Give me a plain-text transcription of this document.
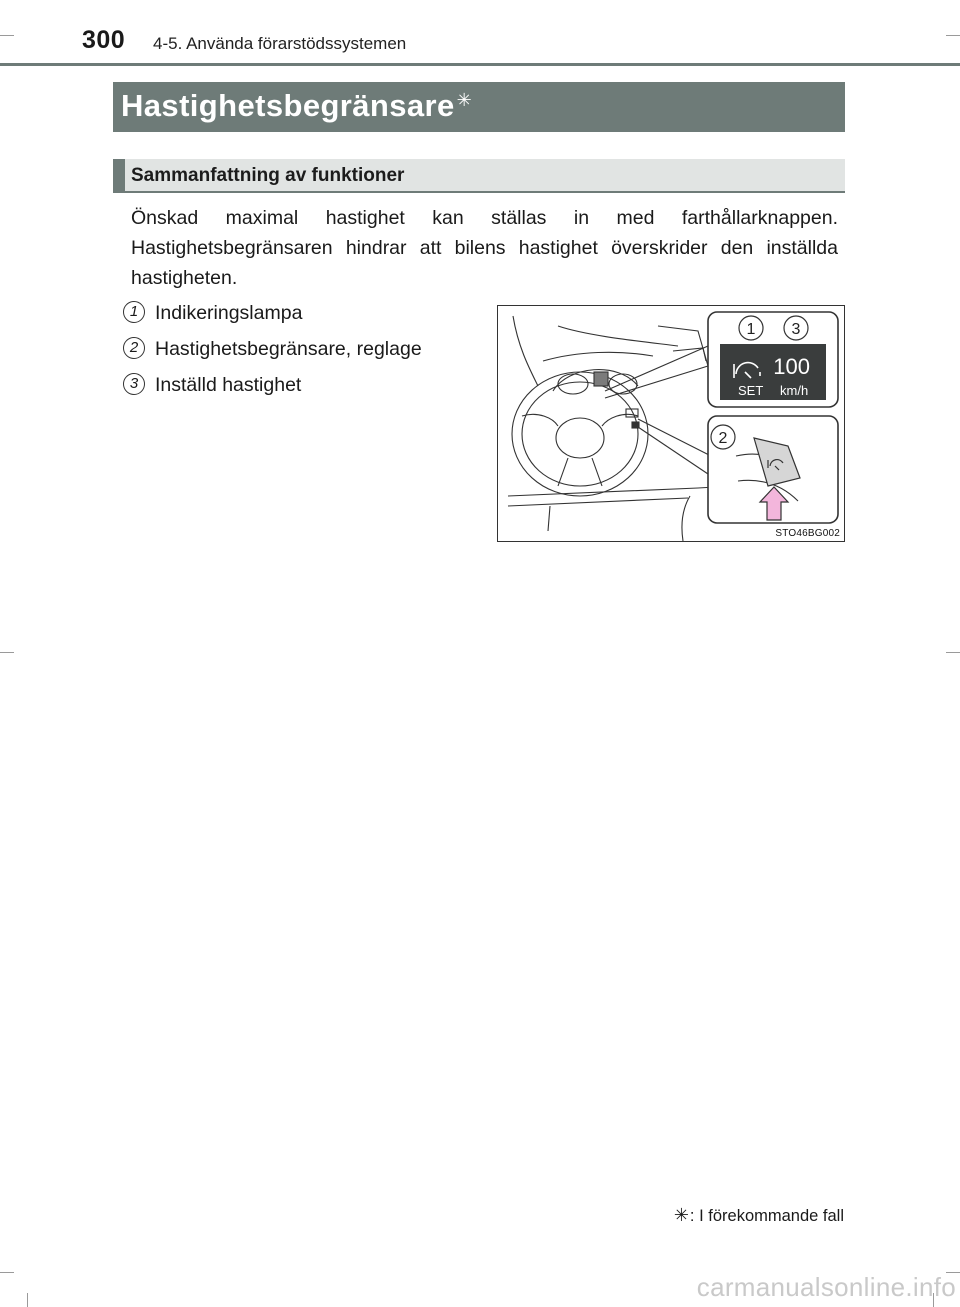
300 4-5. Använda förarstödssystemen
Hastighetsbegränsare ✳
Sammanfattning av funktioner

Önskad maximal hastighet kan ställas in med farthållarknappen. Hastighetsbegränsaren hindrar att bilens hastighet överskrider den inställda hastigheten.

1 Indikeringslampa
2 Hastighetsbegränsare, reglage
3 Inställd hastighet
1 3
100
SET km/h
2
STO46BG002
✳: I förekommande fall
carmanualsonline.info
